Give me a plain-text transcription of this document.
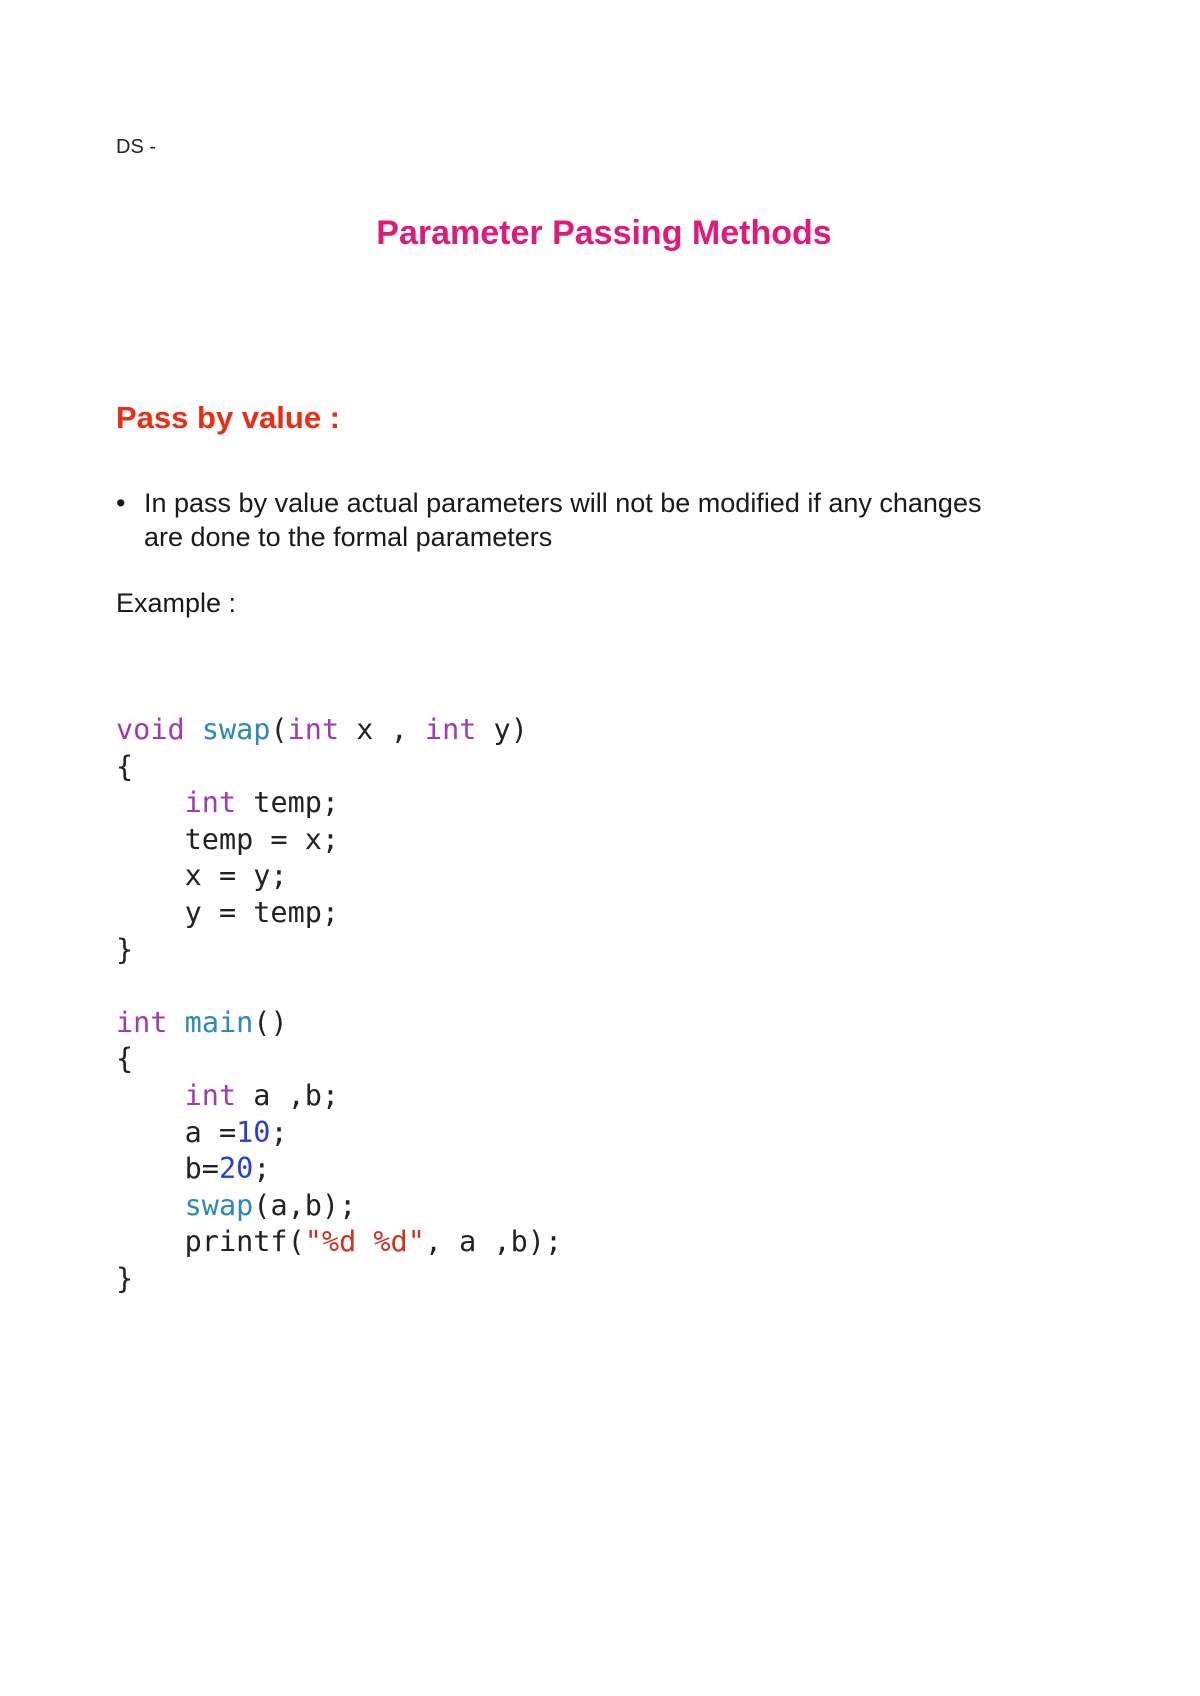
DS -
Parameter Passing Methods
Pass by value :
• In pass by value actual parameters will not be modified if any changes are done to the formal parameters
Example :
void swap(int x , int y)
{
int temp;
temp = x;
x = y;
y = temp;
}
int main()
{
int a ,b;
a =10;
b=20;
swap(a,b);
printf("%d %d", a ,b);
}
